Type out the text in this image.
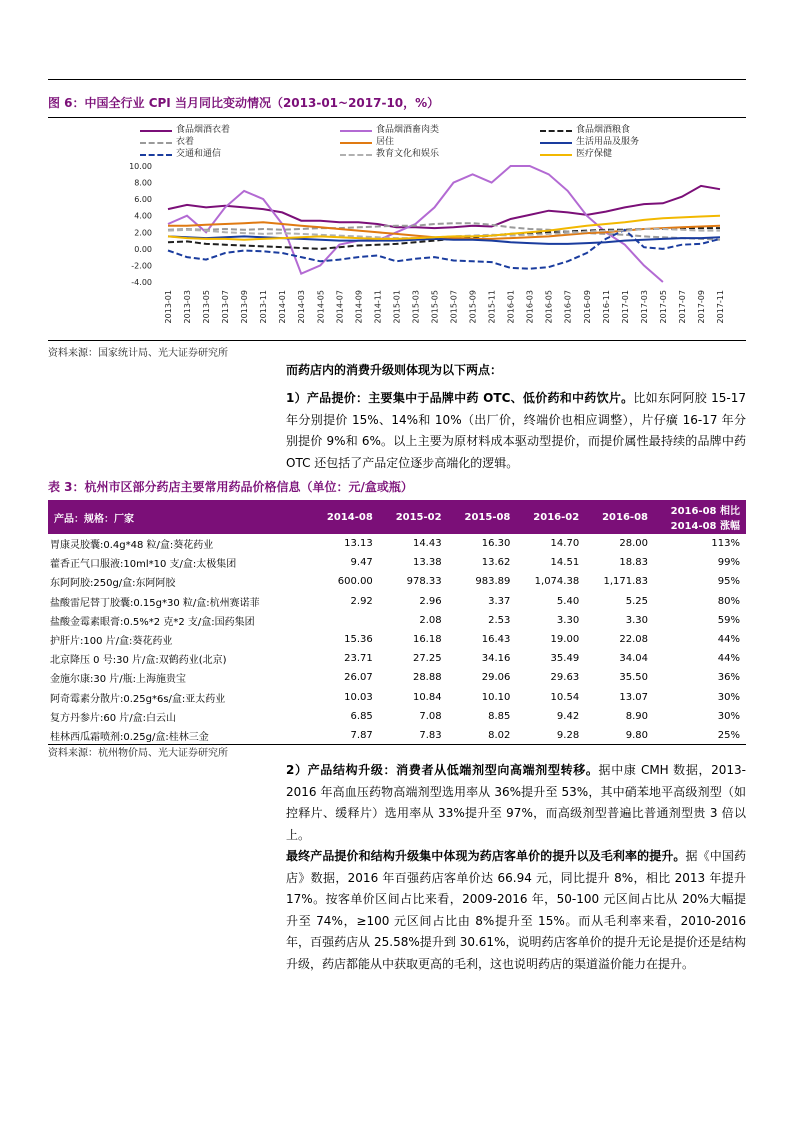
图 6：中国全行业 CPI 当月同比变动情况（2013-01~2017-10，%）
食品烟酒衣着
衣着
交通和通信
食品烟酒畜肉类
居住
教育文化和娱乐
食品烟酒粮食
生活用品及服务
医疗保健
10.00
8.00
6.00
4.00
2.00
0.00
-2.00
-4.00
2013-01 2013-03 2013-05 2013-07 2013-09 2013-11 2014-01 2014-03 2014-05 2014-07 2014-09 2014-11 2015-01 2015-03 2015-05 2015-07 2015-09 2015-11 2016-01 2016-03 2016-05 2016-07 2016-09 2016-11 2017-01 2017-03 2017-05 2017-07 2017-09 2017-11
资料来源：国家统计局、光大证券研究所
而药店内的消费升级则体现为以下两点：
1）产品提价：主要集中于品牌中药 OTC、低价药和中药饮片。比如东阿阿胶 15-17 年分别提价 15%、14%和 10%（出厂价，终端价也相应调整），片仔癀 16-17 年分别提价 9%和 6%。以上主要为原材料成本驱动型提价，而提价属性最持续的品牌中药OTC 还包括了产品定位逐步高端化的逻辑。
表 3：杭州市区部分药店主要常用药品价格信息（单位：元/盒或瓶）
产品：规格：厂家	2014-08	2015-02	2015-08	2016-02	2016-08	2016-08 相比 2014-08 涨幅
胃康灵胶囊:0.4g*48 粒/盒:葵花药业	13.13	14.43	16.30	14.70	28.00	113%
藿香正气口服液:10ml*10 支/盒:太极集团	9.47	13.38	13.62	14.51	18.83	99%
东阿阿胶:250g/盒:东阿阿胶	600.00	978.33	983.89	1,074.38	1,171.83	95%
盐酸雷尼替丁胶囊:0.15g*30 粒/盒:杭州赛诺菲	2.92	2.96	3.37	5.40	5.25	80%
盐酸金霉素眼膏:0.5%*2 克*2 支/盒:国药集团		2.08	2.53	3.30	3.30	59%
护肝片:100 片/盒:葵花药业	15.36	16.18	16.43	19.00	22.08	44%
北京降压 0 号:30 片/盒:双鹤药业(北京)	23.71	27.25	34.16	35.49	34.04	44%
金施尔康:30 片/瓶:上海施贵宝	26.07	28.88	29.06	29.63	35.50	36%
阿奇霉素分散片:0.25g*6s/盒:亚太药业	10.03	10.84	10.10	10.54	13.07	30%
复方丹参片:60 片/盒:白云山	6.85	7.08	8.85	9.42	8.90	30%
桂林西瓜霜喷剂:0.25g/盒:桂林三金	7.87	7.83	8.02	9.28	9.80	25%
资料来源：杭州物价局、光大证券研究所
2）产品结构升级：消费者从低端剂型向高端剂型转移。据中康 CMH 数据，2013-2016 年高血压药物高端剂型选用率从 36%提升至 53%，其中硝苯地平高级剂型（如控释片、缓释片）选用率从 33%提升至 97%，而高级剂型普遍比普通剂型贵 3 倍以上。
最终产品提价和结构升级集中体现为药店客单价的提升以及毛利率的提升。据《中国药店》数据，2016 年百强药店客单价达 66.94 元，同比提升 8%，相比 2013 年提升 17%。按客单价区间占比来看，2009-2016 年，50-100 元区间占比从 20%大幅提升至 74%，≥100 元区间占比由 8%提升至 15%。而从毛利率来看，2010-2016 年，百强药店从 25.58%提升到 30.61%，说明药店客单价的提升无论是提价还是结构升级，药店都能从中获取更高的毛利，这也说明药店的渠道溢价能力在提升。
